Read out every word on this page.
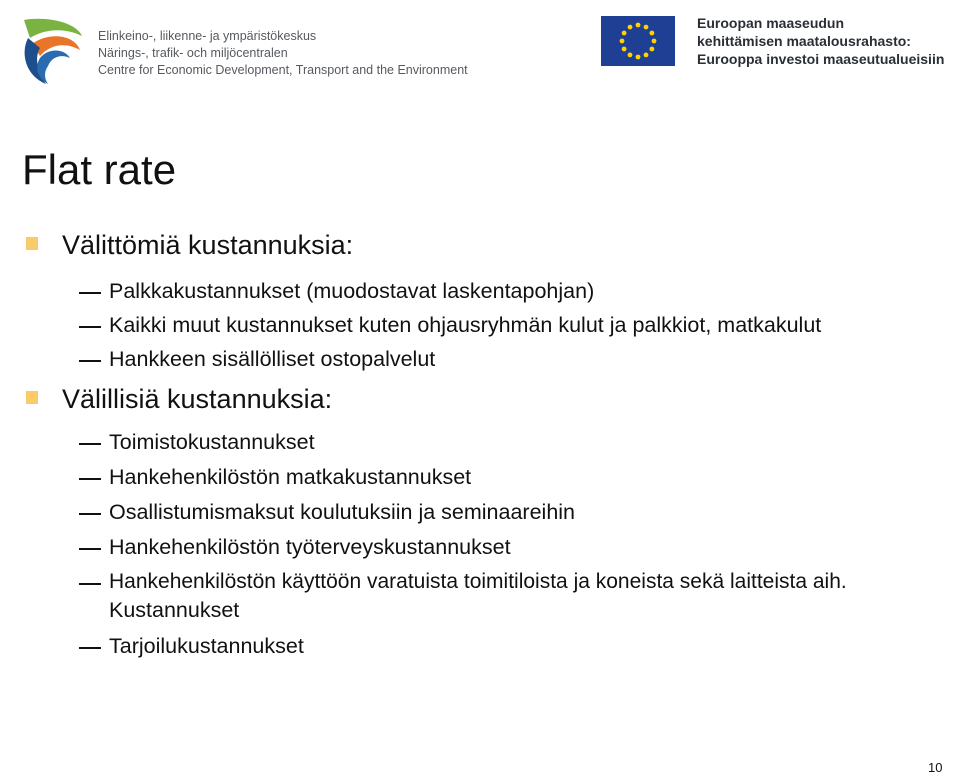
Elinkeino-, liikenne- ja ympäristökeskus
Närings-, trafik- och miljöcentralen
Centre for Economic Development, Transport and the Environment
Euroopan maaseudun
kehittämisen maatalousrahasto:
Eurooppa investoi maaseutualueisiin
Flat rate
Välittömiä kustannuksia:
Palkkakustannukset (muodostavat laskentapohjan)
Kaikki muut kustannukset kuten ohjausryhmän kulut ja palkkiot, matkakulut
Hankkeen sisällölliset ostopalvelut
Välillisiä kustannuksia:
Toimistokustannukset
Hankehenkilöstön matkakustannukset
Osallistumismaksut koulutuksiin ja seminaareihin
Hankehenkilöstön työterveyskustannukset
Hankehenkilöstön käyttöön varatuista toimitiloista ja koneista sekä laitteista aih.
Kustannukset
Tarjoilukustannukset
10
